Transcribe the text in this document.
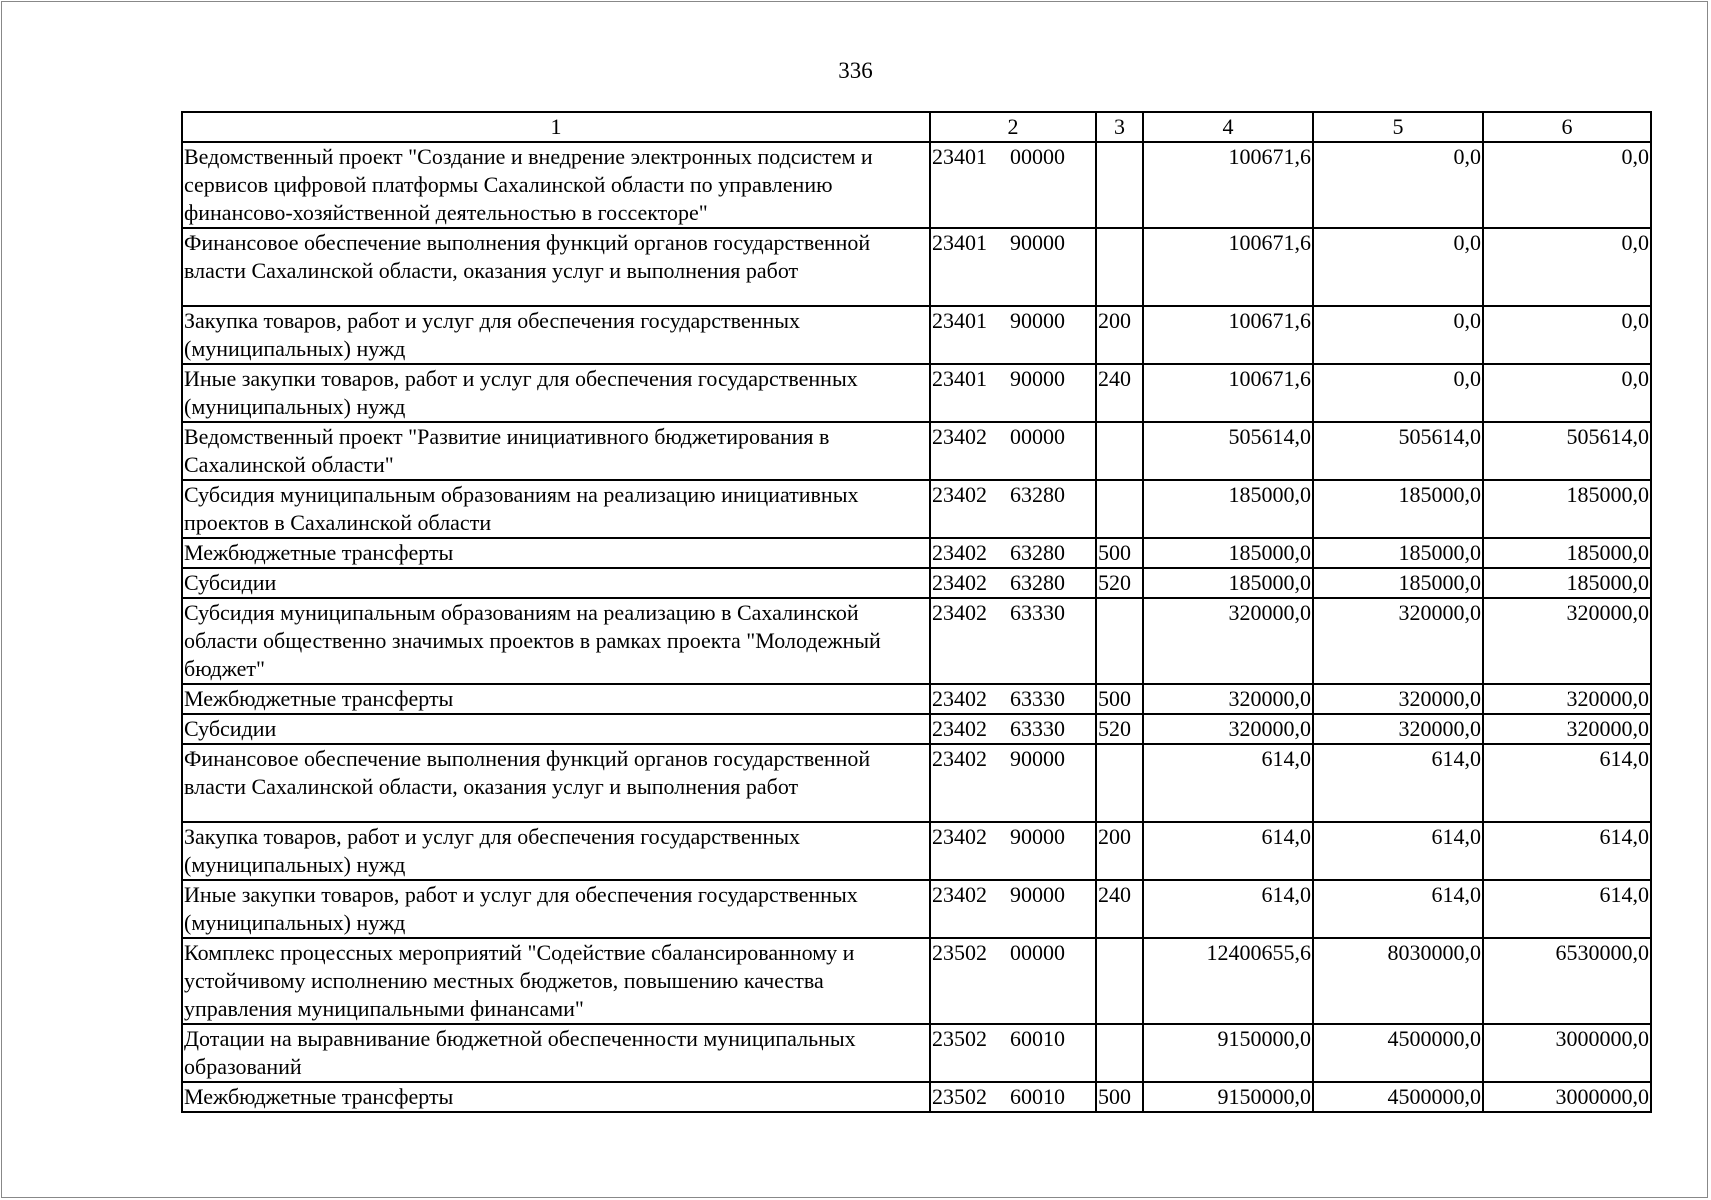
336
1	2	3	4	5	6
Ведомственный проект "Создание и внедрение электронных подсистем и сервисов цифровой платформы Сахалинской области по управлению финансово-хозяйственной деятельностью в госсекторе"	23401 00000		100671,6	0,0	0,0
Финансовое обеспечение выполнения функций органов государственной власти Сахалинской области, оказания услуг и выполнения работ	23401 90000		100671,6	0,0	0,0
Закупка товаров, работ и услуг для обеспечения государственных (муниципальных) нужд	23401 90000	200	100671,6	0,0	0,0
Иные закупки товаров, работ и услуг для обеспечения государственных (муниципальных) нужд	23401 90000	240	100671,6	0,0	0,0
Ведомственный проект "Развитие инициативного бюджетирования в Сахалинской области"	23402 00000		505614,0	505614,0	505614,0
Субсидия муниципальным образованиям на реализацию инициативных проектов в Сахалинской области	23402 63280		185000,0	185000,0	185000,0
Межбюджетные трансферты	23402 63280	500	185000,0	185000,0	185000,0
Субсидии	23402 63280	520	185000,0	185000,0	185000,0
Субсидия муниципальным образованиям на реализацию в Сахалинской области общественно значимых проектов в рамках проекта "Молодежный бюджет"	23402 63330		320000,0	320000,0	320000,0
Межбюджетные трансферты	23402 63330	500	320000,0	320000,0	320000,0
Субсидии	23402 63330	520	320000,0	320000,0	320000,0
Финансовое обеспечение выполнения функций органов государственной власти Сахалинской области, оказания услуг и выполнения работ	23402 90000		614,0	614,0	614,0
Закупка товаров, работ и услуг для обеспечения государственных (муниципальных) нужд	23402 90000	200	614,0	614,0	614,0
Иные закупки товаров, работ и услуг для обеспечения государственных (муниципальных) нужд	23402 90000	240	614,0	614,0	614,0
Комплекс процессных мероприятий "Содействие сбалансированному и устойчивому исполнению местных бюджетов, повышению качества управления муниципальными финансами"	23502 00000		12400655,6	8030000,0	6530000,0
Дотации на выравнивание бюджетной обеспеченности муниципальных образований	23502 60010		9150000,0	4500000,0	3000000,0
Межбюджетные трансферты	23502 60010	500	9150000,0	4500000,0	3000000,0
